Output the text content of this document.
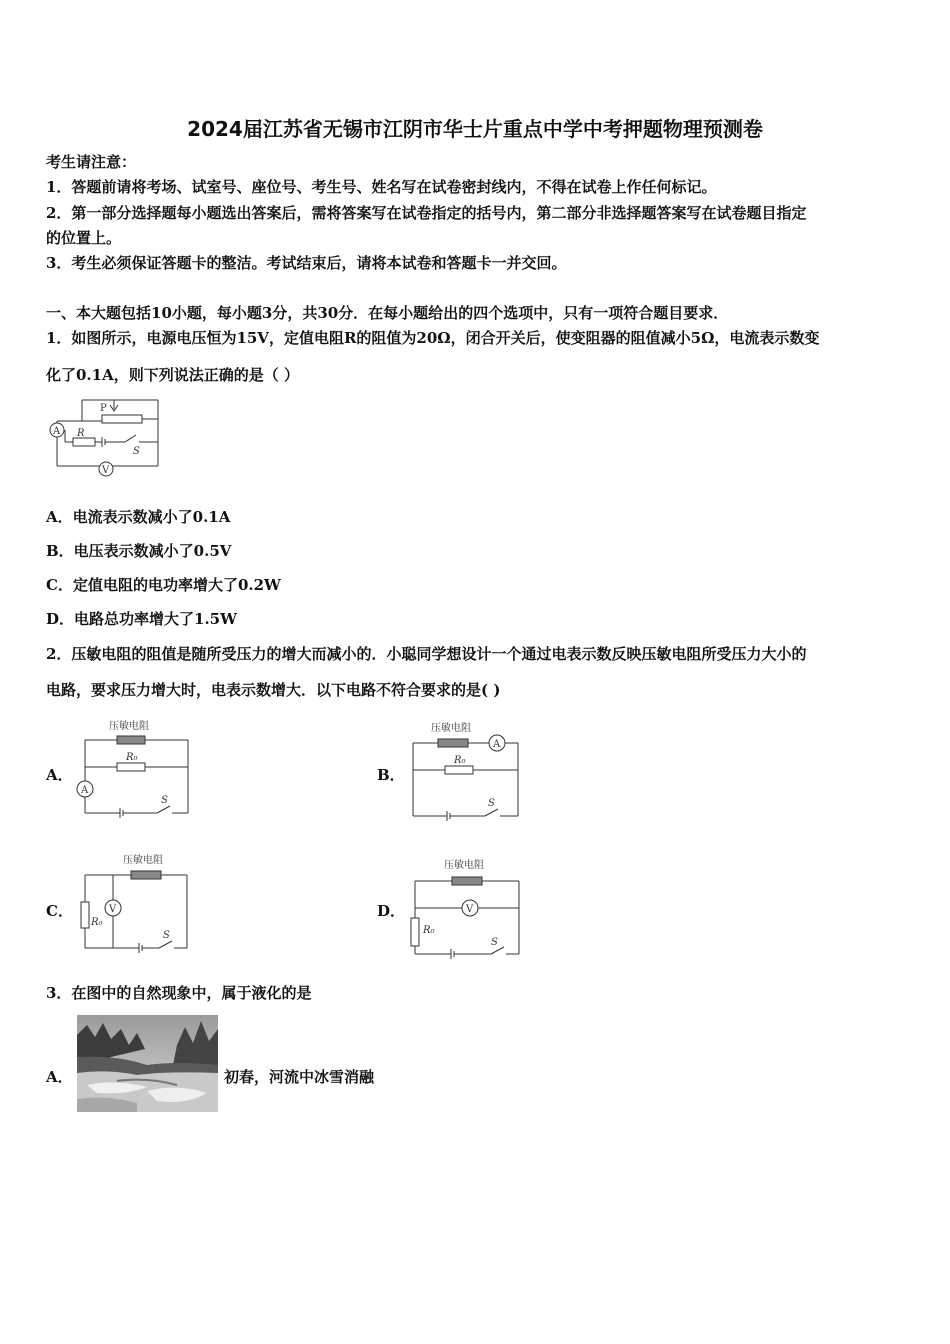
2024届江苏省无锡市江阴市华士片重点中学中考押题物理预测卷
考生请注意：
1．答题前请将考场、试室号、座位号、考生号、姓名写在试卷密封线内，不得在试卷上作任何标记。
2．第一部分选择题每小题选出答案后，需将答案写在试卷指定的括号内，第二部分非选择题答案写在试卷题目指定
的位置上。
3．考生必须保证答题卡的整洁。考试结束后，请将本试卷和答题卡一并交回。
一、本大题包括10小题，每小题3分，共30分．在每小题给出的四个选项中，只有一项符合题目要求．
1．如图所示，电源电压恒为15V，定值电阻R的阻值为20Ω，闭合开关后，使变阻器的阻值减小5Ω，电流表示数变
化了0.1A，则下列说法正确的是（ ）
P
A R
S
V
A．电流表示数减小了0.1A
B．电压表示数减小了0.5V
C．定值电阻的电功率增大了0.2W
D．电路总功率增大了1.5W
2．压敏电阻的阻值是随所受压力的增大而减小的．小聪同学想设计一个通过电表示数反映压敏电阻所受压力大小的
电路，要求压力增大时，电表示数增大．以下电路不符合要求的是( )
A．
压敏电阻
R₀
A
S
B．
压敏电阻
R₀
A
S
C．
压敏电阻
R₀
V
S
D．
压敏电阻
R₀
V
S
3．在图中的自然现象中，属于液化的是
A．	初春，河流中冰雪消融
